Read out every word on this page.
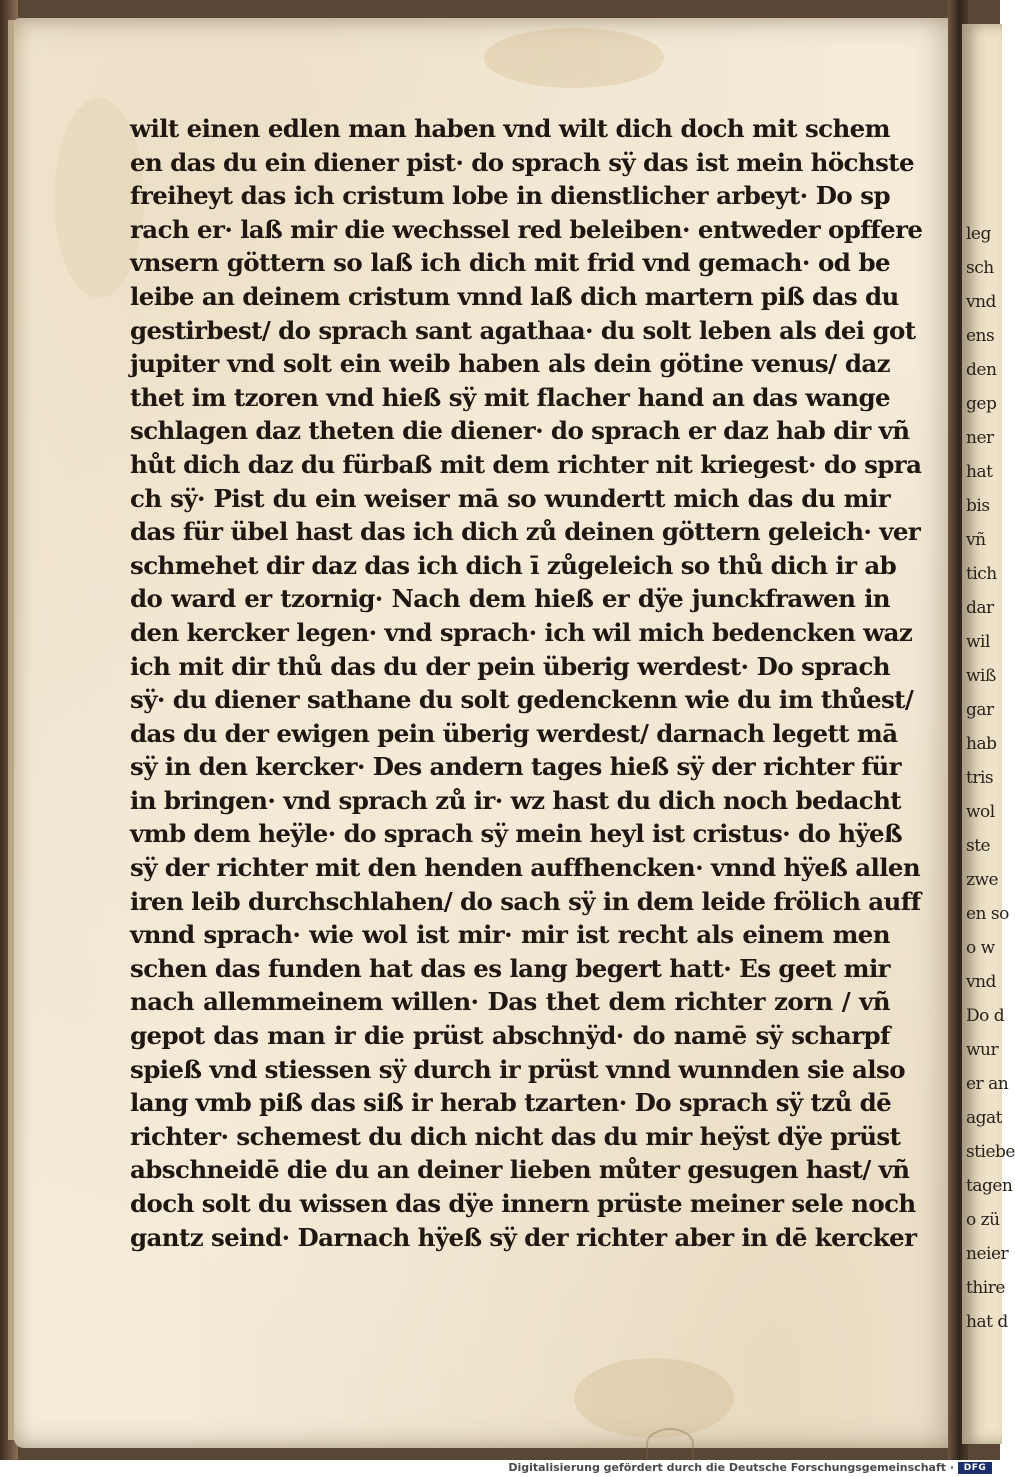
leg
sch
vnd
ens
den
gep
ner
hat
bis
vñ
tich
dar
wil
wiß
gar
hab
tris
wol
ste
zwe
en so
o w
vnd
Do d
wur
er an
agat
stiebe
tagen
o zü
neier
thire
hat d
wilt einen edlen man haben vnd wilt dich doch mit schem
en das du ein diener pist· do sprach sÿ das ist mein höchste
freiheyt das ich cristum lobe in dienstlicher arbeyt· Do sp
rach er· laß mir die wechssel red beleiben· entweder opffere
vnsern göttern so laß ich dich mit frid vnd gemach· od be
leibe an deinem cristum vnnd laß dich martern piß das du
gestirbest/ do sprach sant agathaa· du solt leben als dei got
jupiter vnd solt ein weib haben als dein götine venus/ daz
thet im tzoren vnd hieß sÿ mit flacher hand an das wange
schlagen daz theten die diener· do sprach er daz hab dir vñ
hůt dich daz du fürbaß mit dem richter nit kriegest· do spra
ch sÿ· Pist du ein weiser mā so wundertt mich das du mir
das für übel hast das ich dich zů deinen göttern geleich· ver
schmehet dir daz das ich dich ī zůgeleich so thů dich ir ab
do ward er tzornig· Nach dem hieß er dÿe junckfrawen in
den kercker legen· vnd sprach· ich wil mich bedencken waz
ich mit dir thů das du der pein überig werdest· Do sprach
sÿ· du diener sathane du solt gedenckenn wie du im thůest/
das du der ewigen pein überig werdest/ darnach legett mā
sÿ in den kercker· Des andern tages hieß sÿ der richter für
in bringen· vnd sprach zů ir· wz hast du dich noch bedacht
vmb dem heÿle· do sprach sÿ mein heyl ist cristus· do hÿeß
sÿ der richter mit den henden auffhencken· vnnd hÿeß allen
iren leib durchschlahen/ do sach sÿ in dem leide frölich auff
vnnd sprach· wie wol ist mir· mir ist recht als einem men
schen das funden hat das es lang begert hatt· Es geet mir
nach allemmeinem willen· Das thet dem richter zorn / vñ
gepot das man ir die prüst abschnÿd· do namē sÿ scharpf
spieß vnd stiessen sÿ durch ir prüst vnnd wunnden sie also
lang vmb piß das siß ir herab tzarten· Do sprach sÿ tzů dē
richter· schemest du dich nicht das du mir heÿst dÿe prüst
abschneidē die du an deiner lieben můter gesugen hast/ vñ
doch solt du wissen das dÿe innern prüste meiner sele noch
gantz seind· Darnach hÿeß sÿ der richter aber in dē kercker
Digitalisierung gefördert durch die Deutsche Forschungsgemeinschaft ·	DFG
